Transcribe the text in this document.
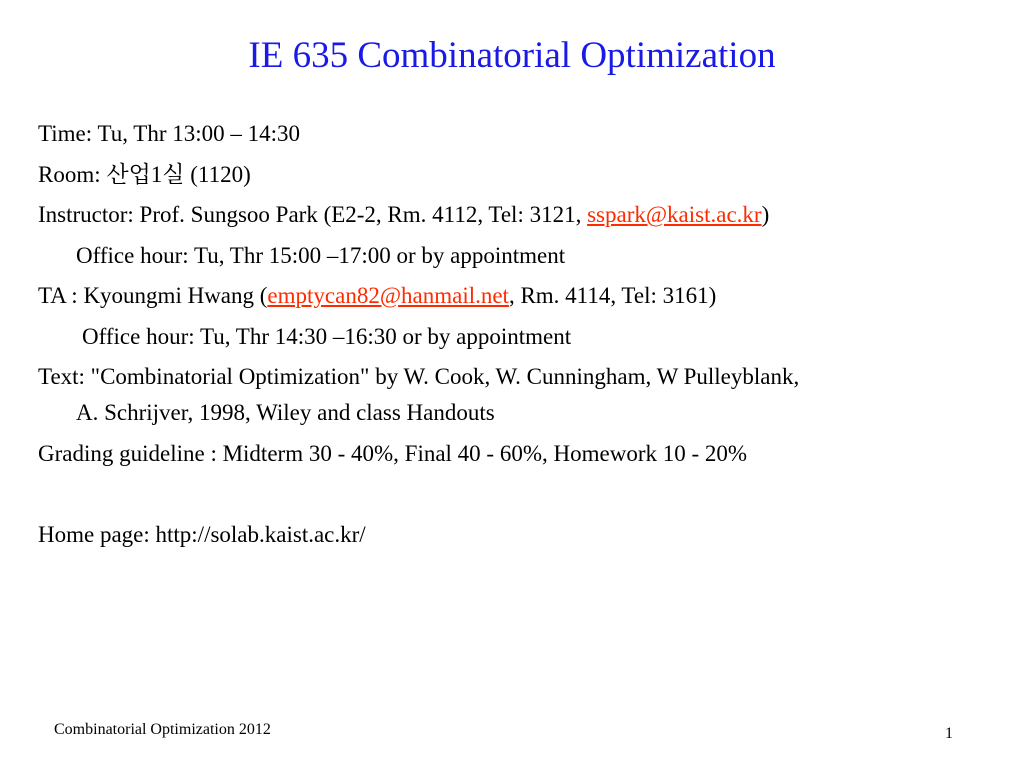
IE 635 Combinatorial Optimization
Time: Tu, Thr 13:00 – 14:30
Room: 산업1실 (1120)
Instructor: Prof. Sungsoo Park (E2-2, Rm. 4112, Tel: 3121, sspark@kaist.ac.kr)
Office hour: Tu, Thr 15:00 –17:00 or by appointment
TA : Kyoungmi Hwang (emptycan82@hanmail.net, Rm. 4114, Tel: 3161)
Office hour: Tu, Thr 14:30 –16:30 or by appointment
Text: "Combinatorial Optimization" by W. Cook, W. Cunningham, W Pulleyblank,
A. Schrijver, 1998, Wiley and class Handouts
Grading guideline : Midterm 30 - 40%, Final 40 - 60%, Homework 10 - 20%
Home page: http://solab.kaist.ac.kr/
Combinatorial Optimization 2012	1
